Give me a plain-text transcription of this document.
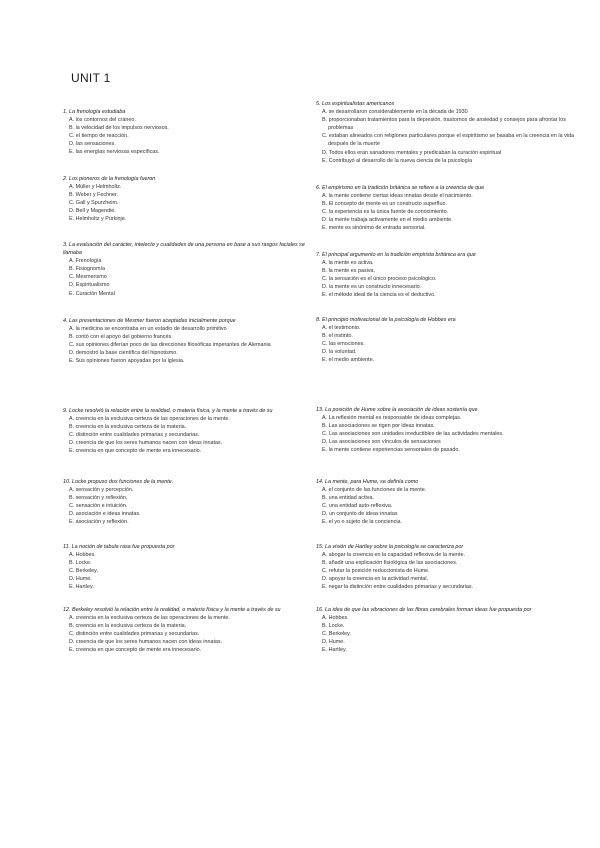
UNIT 1
1. La frenología estudiaba
A. los contornos del cráneo.
B. la velocidad de los impulsos nerviosos.
C. el tiempo de reacción.
D. las sensaciones.
E. las energías nerviosas específicas.
2. Los pioneros de la frenología fueron
A. Müller y Helmholtz.
B. Weber y Fechner.
C. Gall y Spurzheim.
D. Bell y Magendie.
E. Helmholtz y Purkinje.
3. La evaluación del carácter, intelecto y cualidades de una persona en base a sus rasgos faciales se llamaba
A. Frenología
B. Fisiognomía
C. Mesmerismo
D. Espiritualismo
E. Curación Mental
4. Las presentaciones de Mesmer fueron aceptadas inicialmente porque
A. la medicina se encontraba en un estadio de desarrollo primitivo
B. contó con el apoyo del gobierno francés.
C. sus opiniones diferían poco de las direcciones filosóficas imperantes de Alemania
D. demostró la base científica del hipnotismo.
E. Sus opiniones fueron apoyadas por la iglesia.
9. Locke resolvió la relación entre la realidad, o materia física, y la mente a través de su
A. creencia en la exclusiva certeza de las operaciones de la mente.
B. creencia en la exclusiva certeza de la materia.
C. distinción entre cualidades primarias y secundarias.
D. creencia de que los seres humanos nacen con ideas innatas.
E. creencia en que concepto de mente era innecesario.
10. Locke propuso dos funciones de la mente.
A. sensación y percepción.
B. sensación y reflexión.
C. sensación e intuición.
D. asociación e ideas innatas.
E. asociación y reflexión.
11. La noción de tabula rasa fue propuesta por
A. Hobbes.
B. Locke.
C. Berkeley.
D. Hume.
E. Hartley.
12. Berkeley resolvió la relación entre la realidad, o materia física y la mente a través de su
A. creencia en la exclusiva certeza de las operaciones de la mente.
B. creencia en la exclusiva certeza de la materia.
C. distinción entre cualidades primarias y secundarias.
D. creencia de que los seres humanos nacen con ideas innatas.
E. creencia en que concepto de mente era innecesario.
5. Los espiritualistas americanos
A. se desarrollaron considerablemente en la década de 1930
B. proporcionaban tratamientos para la depresión, trastornos de ansiedad y consejos para afrontar los problemas
C. estaban alineados con religiones particulares porque el espiritismo se basaba en la creencia en la vida después de la muerte
D. Todos ellos eran sanadores mentales y predicaban la curación espiritual
E. Contribuyó al desarrollo de la nueva ciencia de la psicología
6. El empirismo en la tradición británica se refiere a la creencia de que
A. la mente contiene ciertas ideas innatas desde el nacimiento.
B. El concepto de mente es un constructo superfluo.
C. la experiencia es la única fuente de conocimiento.
D. la mente trabaja activamente en el medio ambiente.
E. mente es sinónimo de entrada sensorial.
7. El principal argumento en la tradición empirista británica era que
A. la mente es activa.
B. la mente es pasiva.
C. la sensación es el único proceso psicológico.
D. la mente es un constructo innecesario.
E. el método ideal de la ciencia es el deductivo.
8. El principio motivacional de la psicología de Hobbes era
A. el testimonio.
B. el instinto.
C. las emociones.
D. la voluntad.
E. el medio ambiente.
13. La posición de Hume sobre la asociación de ideas sostenía que
A. La reflexión mental es responsable de ideas complejas.
B. Las asociaciones se rigen por ideas innatas.
C. Las asociaciones son unidades irreductibles de las actividades mentales.
D. Las asociaciones son vínculos de sensaciones
E. la mente contiene experiencias sensoriales de pasado.
14. La mente, para Hume, se definía como
A. el conjunto de las funciones de la mente.
B. una entidad activa.
C. una entidad auto-reflexiva.
D. un conjunto de ideas innatas
E. el yo o sujeto de la conciencia.
15. La visión de Hartley sobre la psicología se caracteriza por
A. abogar la creencia en la capacidad reflexiva de la mente.
B. añadir una explicación fisiológica de las asociaciones.
C. refutar la posición reduccionista de Hume.
D. apoyar la creencia en la actividad mental.
E. negar la distinción entre cualidades primarias y secundarias.
16. La idea de que las vibraciones de las fibras cerebrales forman ideas fue propuesta por
A. Hobbes.
B. Locke.
C. Berkeley.
D. Hume.
E. Hartley.
